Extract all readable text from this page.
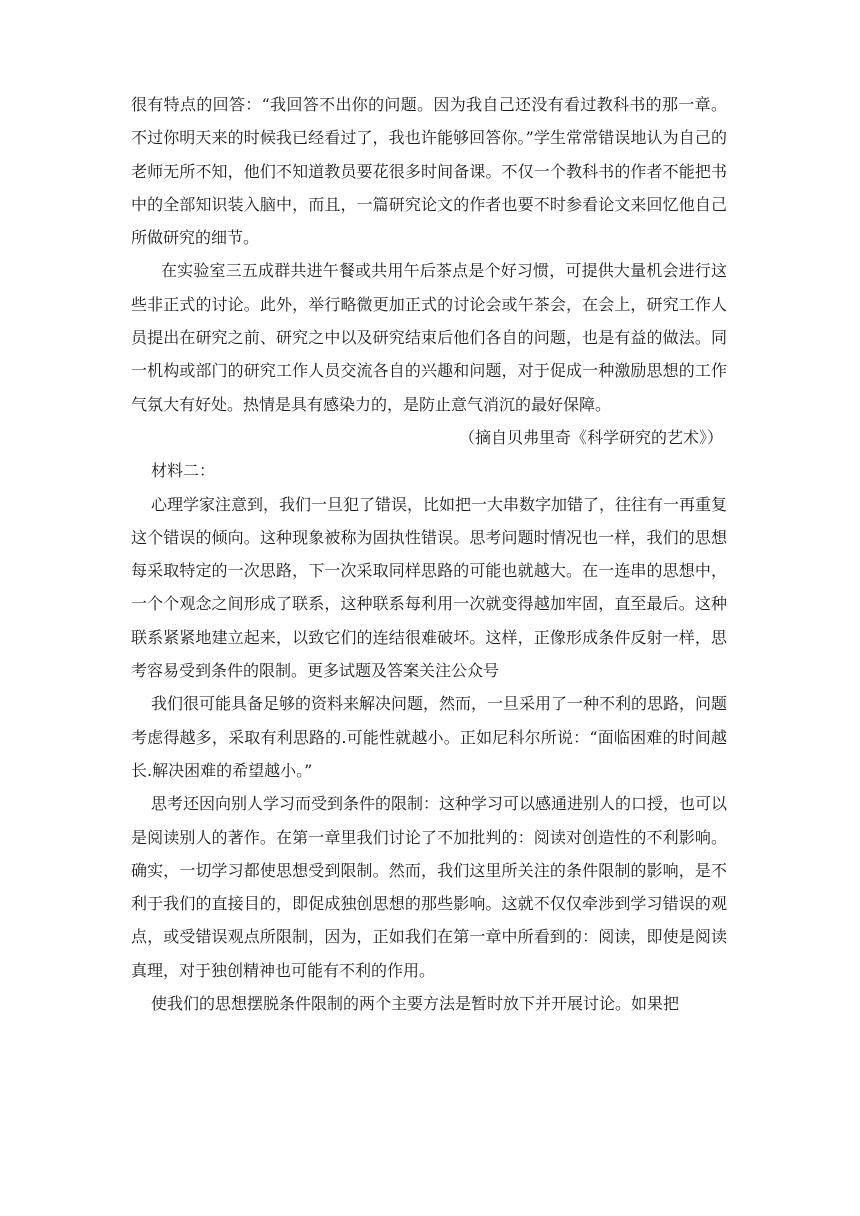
很有特点的回答：“我回答不出你的问题。因为我自己还没有看过教科书的那一章。不过你明天来的时候我已经看过了，我也许能够回答你。”学生常常错误地认为自己的老师无所不知，他们不知道教员要花很多时间备课。不仅一个教科书的作者不能把书中的全部知识装入脑中，而且，一篇研究论文的作者也要不时参看论文来回忆他自己所做研究的细节。

在实验室三五成群共进午餐或共用午后茶点是个好习惯，可提供大量机会进行这些非正式的讨论。此外，举行略微更加正式的讨论会或午茶会，在会上，研究工作人员提出在研究之前、研究之中以及研究结束后他们各自的问题，也是有益的做法。同一机构或部门的研究工作人员交流各自的兴趣和问题，对于促成一种激励思想的工作气氛大有好处。热情是具有感染力的，是防止意气消沉的最好保障。

（摘自贝弗里奇《科学研究的艺术》）

材料二：

心理学家注意到，我们一旦犯了错误，比如把一大串数字加错了，往往有一再重复这个错误的倾向。这种现象被称为固执性错误。思考问题时情况也一样，我们的思想每采取特定的一次思路，下一次采取同样思路的可能也就越大。在一连串的思想中，一个个观念之间形成了联系，这种联系每利用一次就变得越加牢固，直至最后。这种联系紧紧地建立起来，以致它们的连结很难破坏。这样，正像形成条件反射一样，思考容易受到条件的限制。更多试题及答案关注公众号

我们很可能具备足够的资料来解决问题，然而，一旦采用了一种不利的思路，问题考虑得越多，采取有利思路的.可能性就越小。正如尼科尔所说：“面临困难的时间越长.解决困难的希望越小。”

思考还因向别人学习而受到条件的限制：这种学习可以感通进别人的口授，也可以是阅读别人的著作。在第一章里我们讨论了不加批判的：阅读对创造性的不利影响。确实，一切学习都使思想受到限制。然而，我们这里所关注的条件限制的影响，是不利于我们的直接目的，即促成独创思想的那些影响。这就不仅仅牵涉到学习错误的观点，或受错误观点所限制，因为，正如我们在第一章中所看到的：阅读，即使是阅读真理，对于独创精神也可能有不利的作用。

使我们的思想摆脱条件限制的两个主要方法是暂时放下并开展讨论。如果把
